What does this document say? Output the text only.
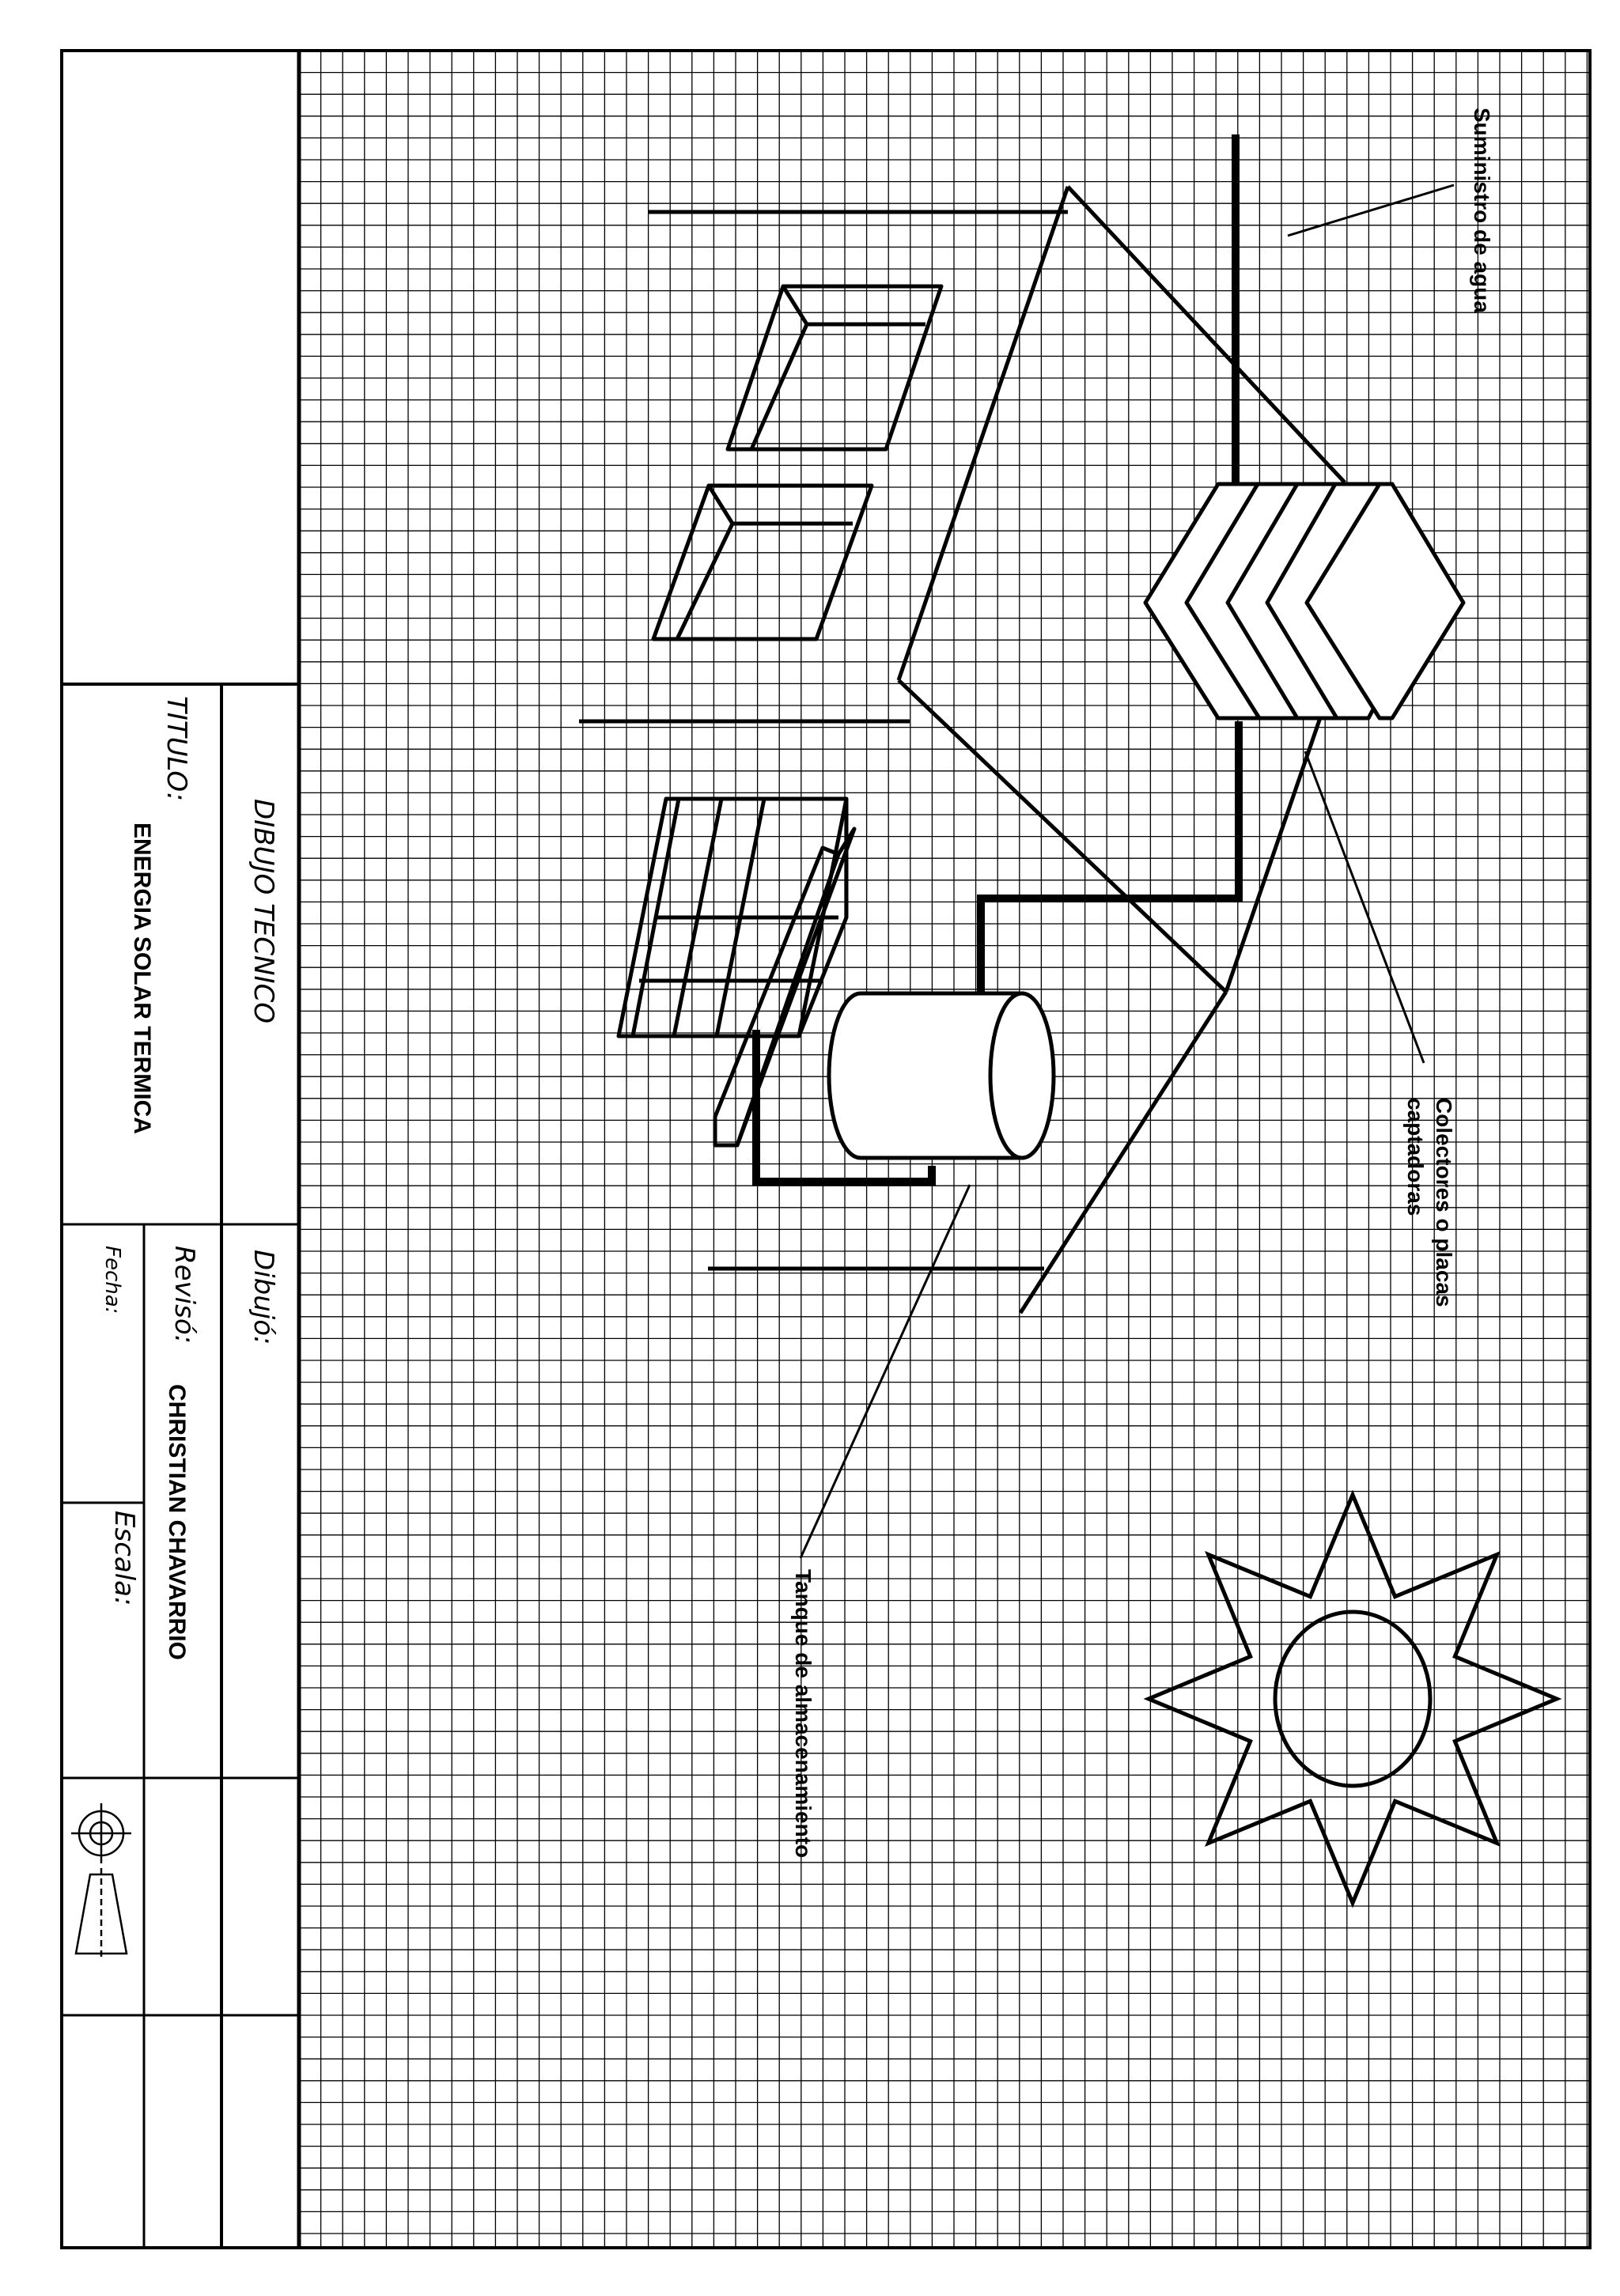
DIBUJO TECNICO
TITULO:
ENERGIA SOLAR TERMICA
Dibujó:
Revisó:
CHRISTIAN CHAVARRIO
Fecha:
Escala:
Suministro de agua
Colectores o placas
captadoras
Tanque de almacenamiento
